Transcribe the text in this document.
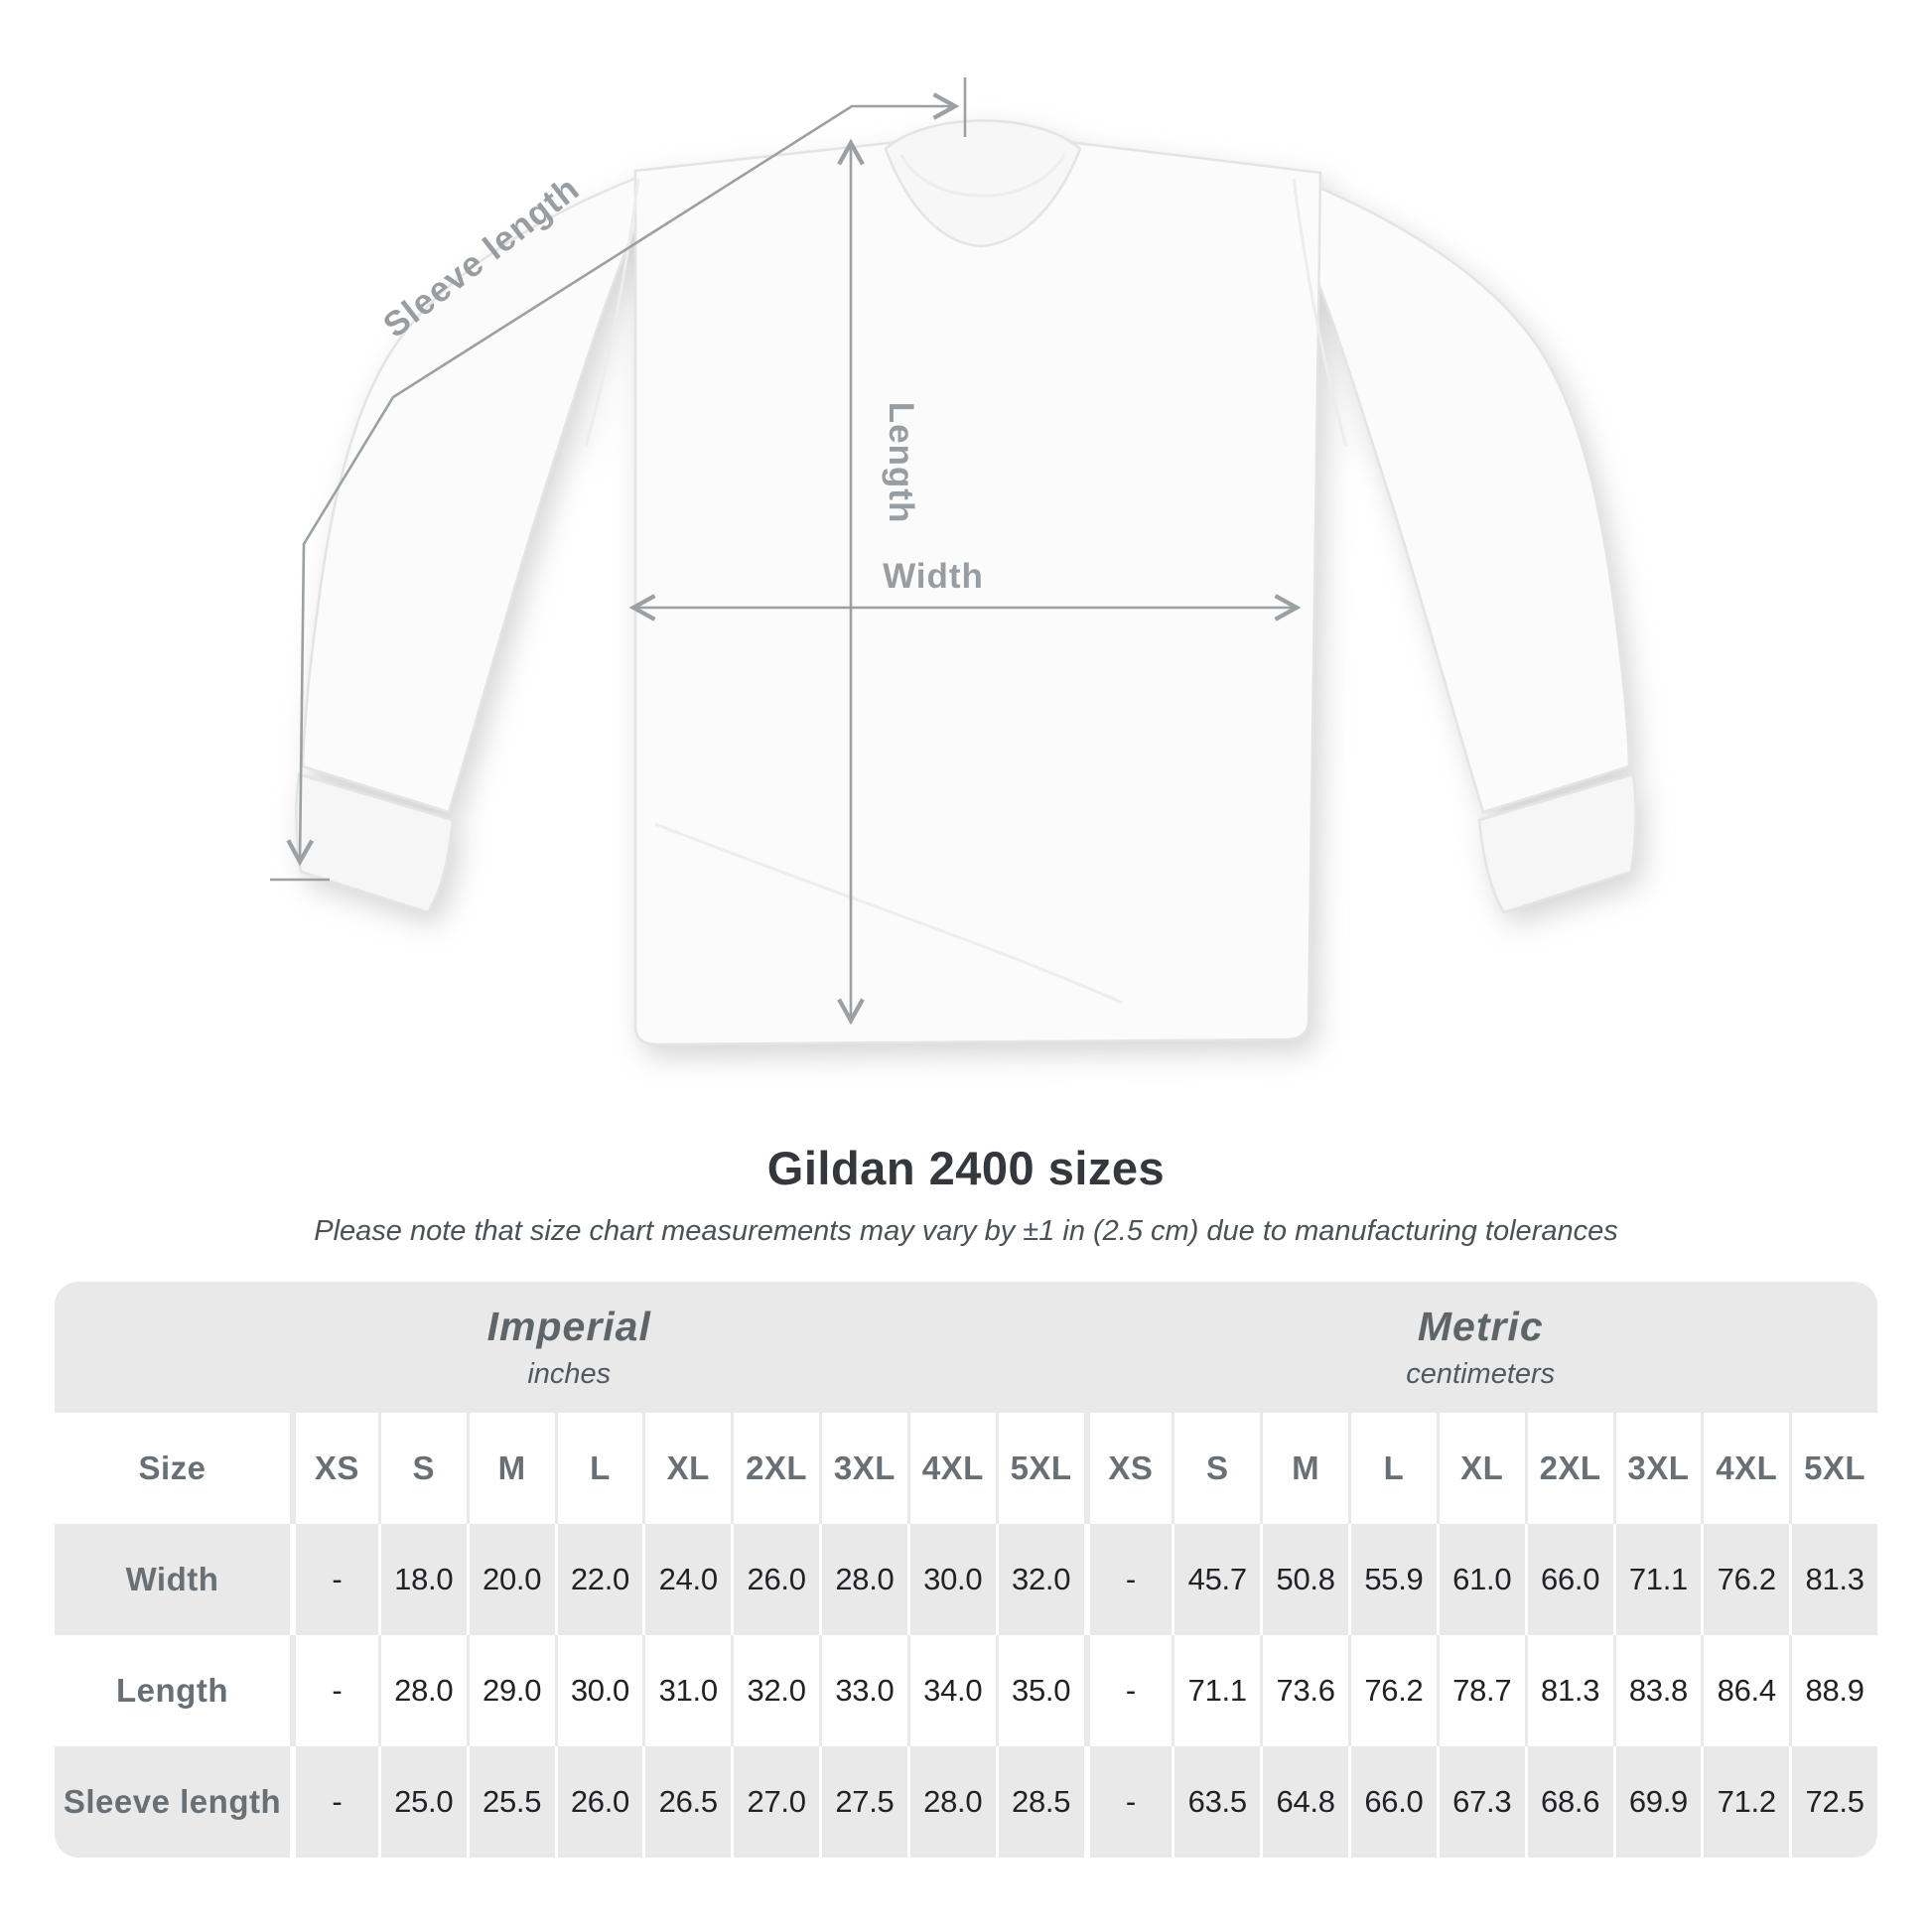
Sleeve length
Length
Width
Gildan 2400 sizes

Please note that size chart measurements may vary by ±1 in (2.5 cm) due to manufacturing tolerances

Imperial
inches
Metric
centimeters
Size	XS	S	M	L	XL	2XL 3XL 4XL 5XL	XS	S	M	L	XL	2XL 3XL 4XL 5XL
Width	-	18.0 20.0 22.0 24.0 26.0 28.0 30.0 32.0	-	45.7 50.8 55.9 61.0 66.0 71.1 76.2 81.3
Length	-	28.0 29.0 30.0 31.0 32.0 33.0 34.0 35.0	-	71.1 73.6 76.2 78.7 81.3 83.8 86.4 88.9
Sleeve length	-	25.0 25.5 26.0 26.5 27.0 27.5 28.0 28.5	-	63.5 64.8 66.0 67.3 68.6 69.9 71.2 72.5
